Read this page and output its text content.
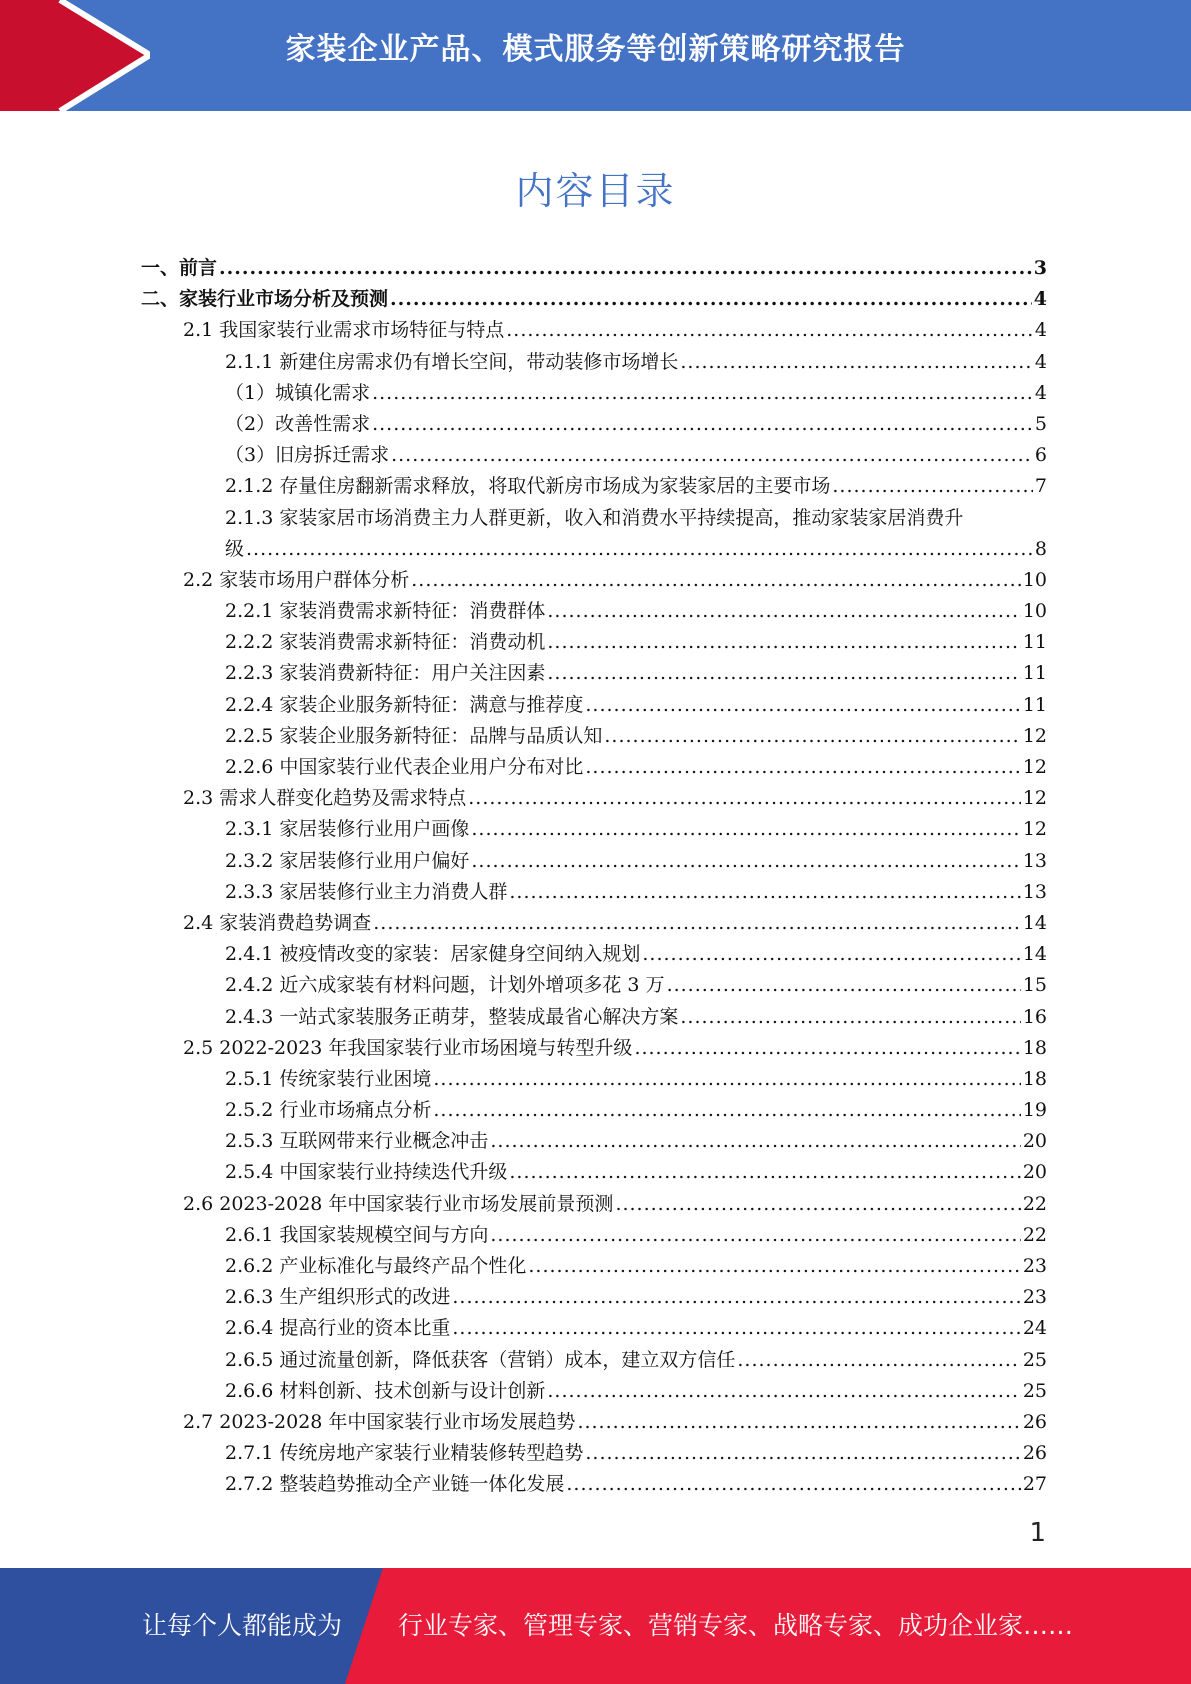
家装企业产品、模式服务等创新策略研究报告
内容目录
一、前言 .....	3
二、家装行业市场分析及预测 .....	4
2.1 我国家装行业需求市场特征与特点 .....	4
2.1.1 新建住房需求仍有增长空间，带动装修市场增长 .....	4
（1）城镇化需求 .....	4
（2）改善性需求 .....	5
（3）旧房拆迁需求 .....	6
2.1.2 存量住房翻新需求释放，将取代新房市场成为家装家居的主要市场 .....	7
2.1.3 家装家居市场消费主力人群更新，收入和消费水平持续提高，推动家装家居消费升
级 .....	8
2.2 家装市场用户群体分析 .....	10
2.2.1 家装消费需求新特征：消费群体 .....	10
2.2.2 家装消费需求新特征：消费动机 .....	11
2.2.3 家装消费新特征：用户关注因素 .....	11
2.2.4 家装企业服务新特征：满意与推荐度 .....	11
2.2.5 家装企业服务新特征：品牌与品质认知 .....	12
2.2.6 中国家装行业代表企业用户分布对比 .....	12
2.3 需求人群变化趋势及需求特点 .....	12
2.3.1 家居装修行业用户画像 .....	12
2.3.2 家居装修行业用户偏好 .....	13
2.3.3 家居装修行业主力消费人群 .....	13
2.4 家装消费趋势调查 .....	14
2.4.1 被疫情改变的家装：居家健身空间纳入规划 .....	14
2.4.2 近六成家装有材料问题，计划外增项多花 3 万 .....	15
2.4.3 一站式家装服务正萌芽，整装成最省心解决方案 .....	16
2.5 2022-2023 年我国家装行业市场困境与转型升级 .....	18
2.5.1 传统家装行业困境 .....	18
2.5.2 行业市场痛点分析 .....	19
2.5.3 互联网带来行业概念冲击 .....	20
2.5.4 中国家装行业持续迭代升级 .....	20
2.6 2023-2028 年中国家装行业市场发展前景预测 .....	22
2.6.1 我国家装规模空间与方向 .....	22
2.6.2 产业标准化与最终产品个性化 .....	23
2.6.3 生产组织形式的改进 .....	23
2.6.4 提高行业的资本比重 .....	24
2.6.5 通过流量创新，降低获客（营销）成本，建立双方信任 .....	25
2.6.6 材料创新、技术创新与设计创新 .....	25
2.7 2023-2028 年中国家装行业市场发展趋势 .....	26
2.7.1 传统房地产家装行业精装修转型趋势 .....	26
2.7.2 整装趋势推动全产业链一体化发展 .....	27
1
让每个人都能成为 行业专家、管理专家、营销专家、战略专家、成功企业家……
